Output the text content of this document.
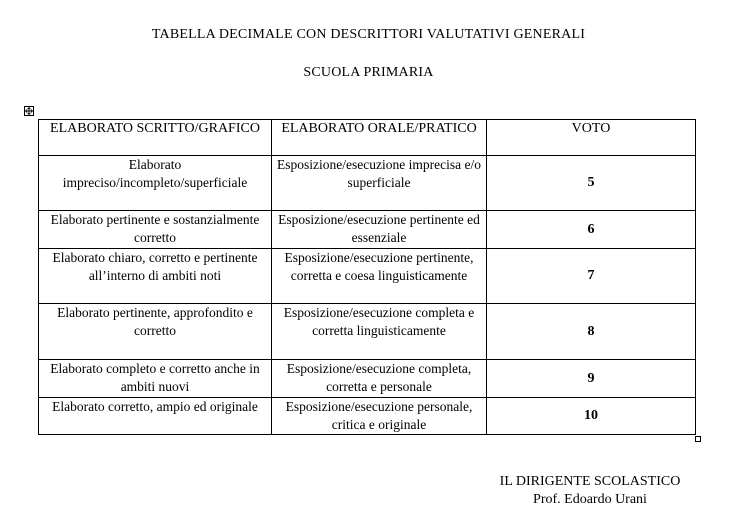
TABELLA DECIMALE CON DESCRITTORI VALUTATIVI GENERALI
SCUOLA PRIMARIA
ELABORATO SCRITTO/GRAFICO	ELABORATO ORALE/PRATICO	VOTO
Elaborato impreciso/incompleto/superficiale	Esposizione/esecuzione imprecisa e/o superficiale	5
Elaborato pertinente e sostanzialmente corretto	Esposizione/esecuzione pertinente ed essenziale	6
Elaborato chiaro, corretto e pertinente all’interno di ambiti noti	Esposizione/esecuzione pertinente, corretta e coesa linguisticamente	7
Elaborato pertinente, approfondito e corretto	Esposizione/esecuzione completa e corretta linguisticamente	8
Elaborato completo e corretto anche in ambiti nuovi	Esposizione/esecuzione completa, corretta e personale	9
Elaborato corretto, ampio ed originale	Esposizione/esecuzione personale, critica e originale	10
IL DIRIGENTE SCOLASTICO
Prof. Edoardo Urani
